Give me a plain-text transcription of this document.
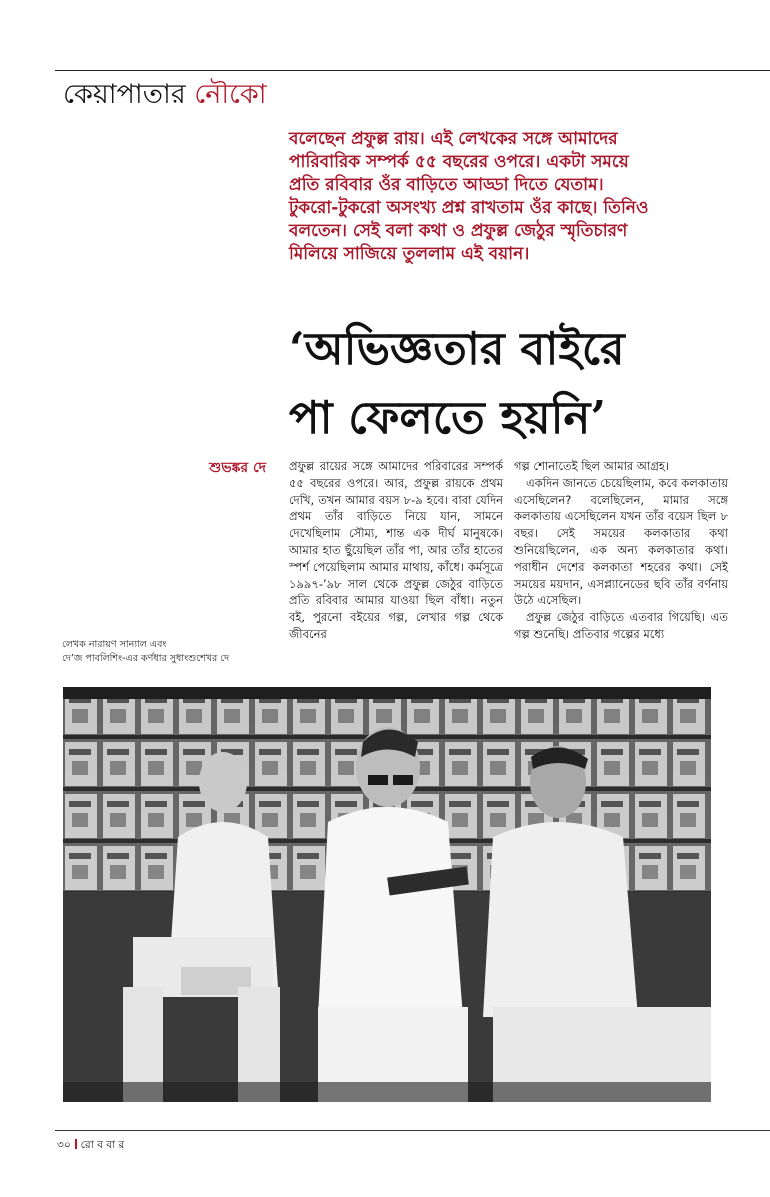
কেয়াপাতার নৌকো

বলেছেন প্রফুল্ল রায়। এই লেখকের সঙ্গে আমাদের

পারিবারিক সম্পর্ক ৫৫ বছরের ওপরে। একটা সময়ে

প্রতি রবিবার ওঁর বাড়িতে আড্ডা দিতে যেতাম।

টুকরো-টুকরো অসংখ্য প্রশ্ন রাখতাম ওঁর কাছে। তিনিও

বলতেন। সেই বলা কথা ও প্রফুল্ল জেঠুর স্মৃতিচারণ

মিলিয়ে সাজিয়ে তুললাম এই বয়ান।

‘অভিজ্ঞতার বাইরে
পা ফেলতে হয়নি’
শুভঙ্কর দে প্রফুল্ল রায়ের সঙ্গে আমাদের পরিবারের সম্পর্ক ৫৫ বছরের ওপরে। আর, প্রফুল্ল রায়কে প্রথম দেখি, তখন আমার বয়স ৮-৯ হবে। বাবা যেদিন প্রথম তাঁর বাড়িতে নিয়ে যান, সামনে দেখেছিলাম সৌম্য, শান্ত এক দীর্ঘ মানুষকে। আমার হাত ছুঁয়েছিল তাঁর পা, আর তাঁর হাতের স্পর্শ পেয়েছিলাম আমার মাথায়, কাঁধে। কর্মসূত্রে ১৯৯৭-’৯৮ সাল থেকে প্রফুল্ল জেঠুর বাড়িতে প্রতি রবিবার আমার যাওয়া ছিল বাঁধা। নতুন বই, পুরনো বইয়ের গল্প, লেখার গল্প থেকে জীবনের

গল্প শোনাতেই ছিল আমার আগ্রহ।

একদিন জানতে চেয়েছিলাম, কবে কলকাতায় এসেছিলেন? বলেছিলেন, মামার সঙ্গে কলকাতায় এসেছিলেন যখন তাঁর বয়েস ছিল ৮ বছর। সেই সময়ের কলকাতার কথা শুনিয়েছিলেন, এক অন্য কলকাতার কথা। পরাধীন দেশের কলকাতা শহরের কথা। সেই সময়ের ময়দান, এসপ্ল্যানেডের ছবি তাঁর বর্ণনায় উঠে এসেছিল।

প্রফুল্ল জেঠুর বাড়িতে এতবার গিয়েছি। এত গল্প শুনেছি। প্রতিবার গল্পের মধ্যে

লেখক নারায়ণ সান্যাল এবং
দে’জ পাবলিশিং-এর কর্ণধার সুধাংশুশেখর দে
৩০ রো ব বা র
